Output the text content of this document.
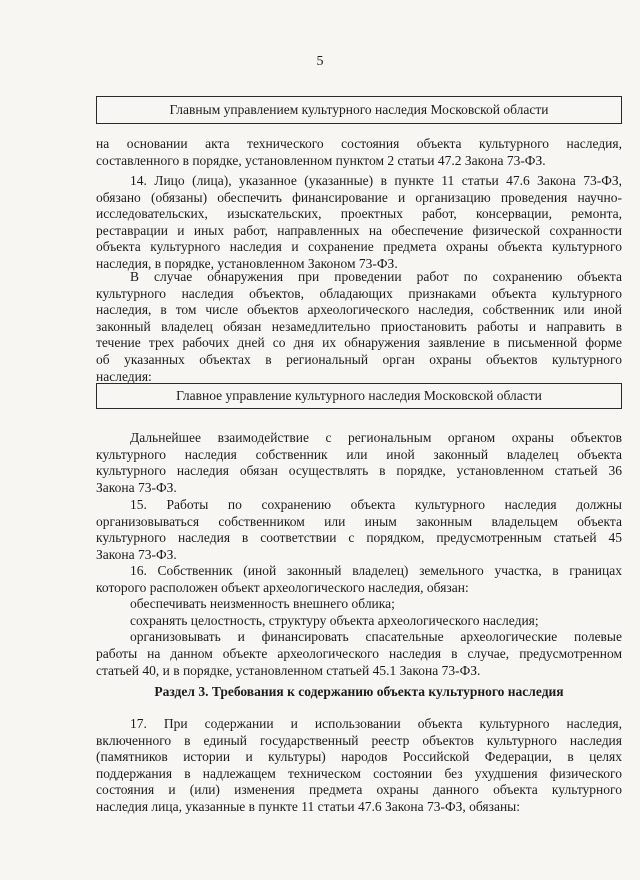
5
Главным управлением культурного наследия Московской области
на основании акта технического состояния объекта культурного наследия,
составленного в порядке, установленном пунктом 2 статьи 47.2 Закона 73-ФЗ.
14. Лицо (лица), указанное (указанные) в пункте 11 статьи 47.6 Закона 73-ФЗ,
обязано (обязаны) обеспечить финансирование и организацию проведения научно-
исследовательских, изыскательских, проектных работ, консервации, ремонта,
реставрации и иных работ, направленных на обеспечение физической сохранности
объекта культурного наследия и сохранение предмета охраны объекта культурного
наследия, в порядке, установленном Законом 73-ФЗ.
В случае обнаружения при проведении работ по сохранению объекта
культурного наследия объектов, обладающих признаками объекта культурного
наследия, в том числе объектов археологического наследия, собственник или иной
законный владелец обязан незамедлительно приостановить работы и направить в
течение трех рабочих дней со дня их обнаружения заявление в письменной форме
об указанных объектах в региональный орган охраны объектов культурного
наследия:
Главное управление культурного наследия Московской области
Дальнейшее взаимодействие с региональным органом охраны объектов
культурного наследия собственник или иной законный владелец объекта
культурного наследия обязан осуществлять в порядке, установленном статьей 36
Закона 73-ФЗ.
15. Работы по сохранению объекта культурного наследия должны
организовываться собственником или иным законным владельцем объекта
культурного наследия в соответствии с порядком, предусмотренным статьей 45
Закона 73-ФЗ.
16. Собственник (иной законный владелец) земельного участка, в границах
которого расположен объект археологического наследия, обязан:
обеспечивать неизменность внешнего облика;
сохранять целостность, структуру объекта археологического наследия;
организовывать и финансировать спасательные археологические полевые
работы на данном объекте археологического наследия в случае, предусмотренном
статьей 40, и в порядке, установленном статьей 45.1 Закона 73-ФЗ.
Раздел 3. Требования к содержанию объекта культурного наследия
17. При содержании и использовании объекта культурного наследия,
включенного в единый государственный реестр объектов культурного наследия
(памятников истории и культуры) народов Российской Федерации, в целях
поддержания в надлежащем техническом состоянии без ухудшения физического
состояния и (или) изменения предмета охраны данного объекта культурного
наследия лица, указанные в пункте 11 статьи 47.6 Закона 73-ФЗ, обязаны:
